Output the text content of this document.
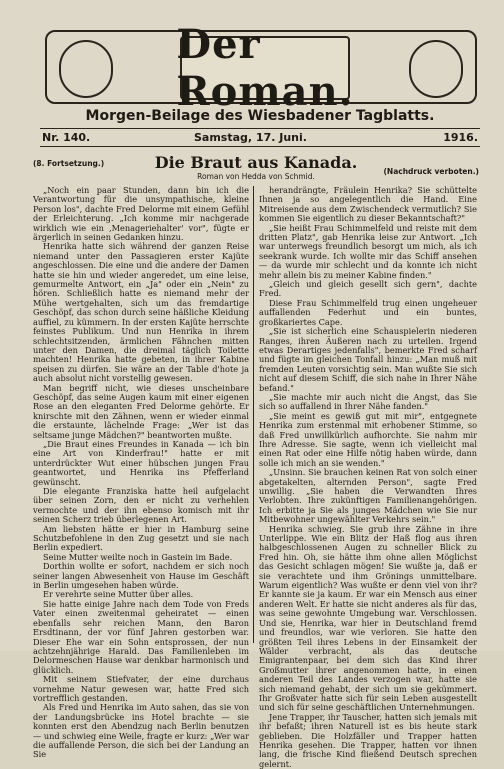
Der Roman.
Morgen-Beilage des Wiesbadener Tagblatts.
Nr. 140.	Samstag, 17. Juni.	1916.
(8. Fortsetzung.)	Die Braut aus Kanada.
Roman von Hedda von Schmid.
(Nachdruck verboten.)

„Noch ein paar Stunden, dann bin ich die Verantwortung für die unsympathische, kleine Person los", dachte Fred Delorme mit einem Gefühl der Erleichterung. „Ich komme mir nachgerade wirklich wie ein ‚Menageriehalter' vor", fügte er ärgerlich in seinen Gedanken hinzu.

Henrika hatte sich während der ganzen Reise niemand unter den Passagieren erster Kajüte angeschlossen. Die eine und die andere der Damen hatte sie hin und wieder angeredet, um eine leise, gemurmelte Antwort, ein „Ja" oder ein „Nein" zu hören. Schließlich hatte es niemand mehr der Mühe wertgehalten, sich um das fremdartige Geschöpf, das schon durch seine häßliche Kleidung auffiel, zu kümmern. In der ersten Kajüte herrschte feinstes Publikum. Und nun Henrika in ihrem schlechtsitzenden, ärmlichen Fähnchen mitten unter den Damen, die dreimal täglich Toilette machten! Henrika hatte gebeten, in ihrer Kabine speisen zu dürfen. Sie wäre an der Table d'hote ja auch absolut nicht vorstellig gewesen.

Man begriff nicht, wie dieses unscheinbare Geschöpf, das seine Augen kaum mit einer eigenen Rose an den eleganten Fred Delorme gehörte. Er knirschte mit den Zähnen, wenn er wieder einmal die erstaunte, lächelnde Frage: „Wer ist das seltsame junge Mädchen?" beantworten mußte.

„Die Braut eines Freundes in Kanada — ich bin eine Art von Kinderfrau!" hatte er mit unterdrückter Wut einer hübschen jungen Frau geantwortet, und Henrika ins Pfefferland gewünscht.

Die elegante Franziska hatte heil aufgelacht über seinen Zorn, den er nicht zu verhehlen vermochte und der ihn ebenso komisch mit ihr seinen Scherz trieb überlegenen Art.

Am liebsten hätte er hier in Hamburg seine Schutzbefohlene in den Zug gesetzt und sie nach Berlin expediert.

Seine Mutter weilte noch in Gastein im Bade.

Dorthin wollte er sofort, nachdem er sich noch seiner langen Abwesenheit von Hause im Geschäft in Berlin umgesehen haben würde.

Er verehrte seine Mutter über alles.

Sie hatte einige Jahre nach dem Tode von Freds Vater einen zweitenmal geheiratet — einen ebenfalls sehr reichen Mann, den Baron Ersdtinann, der vor fünf Jahren gestorben war. Dieser Ehe war ein Sohn entsprossen, der nun achtzehnjährige Harald. Das Familienleben im Delormeschen Hause war denkbar harmonisch und glücklich.

Mit seinem Stiefvater, der eine durchaus vornehme Natur gewesen war, hatte Fred sich vortrefflich gestanden.

Als Fred und Henrika im Auto sahen, das sie von der Landungsbrücke ins Hotel brachte — sie konnten erst den Abendzug nach Berlin benutzen — und schwieg eine Weile, fragte er kurz: „Wer war die auffallende Person, die sich bei der Landung an Sie

herandrängte, Fräulein Henrika? Sie schüttelte Ihnen ja so angelegentlich die Hand. Eine Mitreisende aus dem Zwischendeck vermutlich? Sie kommen Sie eigentlich zu dieser Bekanntschaft?"

„Sie heißt Frau Schimmelfeld und reiste mit dem dritten Platz", gab Henrika leise zur Antwort. „Ich war unterwegs freundlich besorgt um mich, als ich seekrank wurde. Ich wollte mir das Schiff ansehen — da wurde mir schlecht und da konnte ich nicht mehr allein bis zu meiner Kabine finden."

„Gleich und gleich gesellt sich gern", dachte Fred.

Diese Frau Schimmelfeld trug einen ungeheuer auffallenden Federhut und ein buntes, großkariertes Cape.

„Sie ist sicherlich eine Schauspielerin niederen Ranges, ihren Äußeren nach zu urteilen. Irgend etwas Derartiges jedenfalls", bemerkte Fred scharf und fügte im gleichen Tonfall hinzu: „Man muß mit fremden Leuten vorsichtig sein. Man wußte Sie sich nicht auf diesem Schiff, die sich nahe in Ihrer Nähe befand."

„Sie machte mir auch nicht die Angst, das Sie sich so auffallend in Ihrer Nähe fanden."

„Sie meint es gewiß gut mit mir", entgegnete Henrika zum erstenmal mit erhobener Stimme, so daß Fred unwillkürlich aufhorchte. Sie nahm mir Ihre Adresse. Sie sagte, wenn ich vielleicht mal einen Rat oder eine Hilfe nötig haben würde, dann solle ich mich an sie wenden."

„Unsinn. Sie brauchen keinen Rat von solch einer abgetakelten, alternden Person", sagte Fred unwillig. „Sie haben die Verwandten Ihres Verlobten. Ihre zukünftigen Familienangehörigen. Ich erbitte ja Sie als junges Mädchen wie Sie nur Mitbewohner ungewählter Verkehrs sein."

Henrika schwieg. Sie grub ihre Zähne in ihre Unterlippe. Wie ein Blitz der Haß flog aus ihren halbgeschlossenen Augen zu schneller Blick zu Fred hin. Oh, sie hätte ihm ohne allen Möglichst das Gesicht schlagen mögen! Sie wußte ja, daß er sie verachtete und ihm Grönings unmittelbare. Warum eigentlich? Was wußte er denn viel von ihr? Er kannte sie ja kaum. Er war ein Mensch aus einer anderen Welt. Er hatte sie nicht anderes als für das, was seine gewohnte Umgebung war. Verschlossen. Und sie, Henrika, war hier in Deutschland fremd und freundlos, war wie verloren. Sie hatte den größten Teil ihres Lebens in der Einsamkeit der Wälder verbracht, als das deutsche Emigrantenpaar, bei dem sich das Kind ihrer Großmutter ihrer angenommen hatte, in einen anderen Teil des Landes verzogen war, hatte sie sich niemand gehabt, der sich um sie gekümmert. Ihr Großvater hatte sich für sein Leben ausgestellt und sich für seine geschäftlichen Unternehmungen.

Jene Trapper, ihr Tauscher, hatten sich jemals mit ihr befaßt; ihren Naturell ist es bis heute stark geblieben. Die Holzfäller und Trapper hatten Henrika gesehen. Die Trapper, hatten vor ihnen lang, die frische Kind fließend Deutsch sprechen gelernt.
